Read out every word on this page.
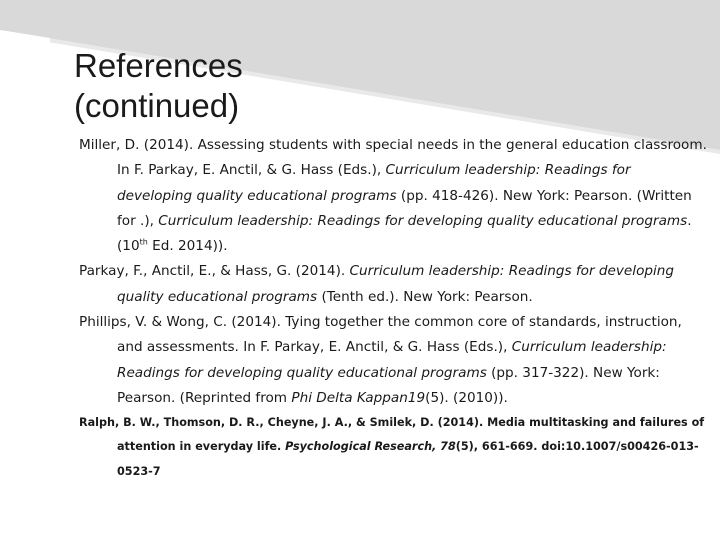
References
(continued)

Miller, D. (2014). Assessing students with special needs in the general education classroom. In F. Parkay, E. Anctil, & G. Hass (Eds.), Curriculum leadership: Readings for developing quality educational programs (pp. 418-426). New York: Pearson. (Written for .), Curriculum leadership: Readings for developing quality educational programs. (10th Ed. 2014)).

Parkay, F., Anctil, E., & Hass, G. (2014). Curriculum leadership: Readings for developing quality educational programs (Tenth ed.). New York: Pearson.

Phillips, V. & Wong, C. (2014). Tying together the common core of standards, instruction, and assessments. In F. Parkay, E. Anctil, & G. Hass (Eds.), Curriculum leadership: Readings for developing quality educational programs (pp. 317-322). New York: Pearson. (Reprinted from Phi Delta Kappan19(5). (2010)).

Ralph, B. W., Thomson, D. R., Cheyne, J. A., & Smilek, D. (2014). Media multitasking and failures of attention in everyday life. Psychological Research, 78(5), 661-669. doi:10.1007/s00426-013-0523-7
